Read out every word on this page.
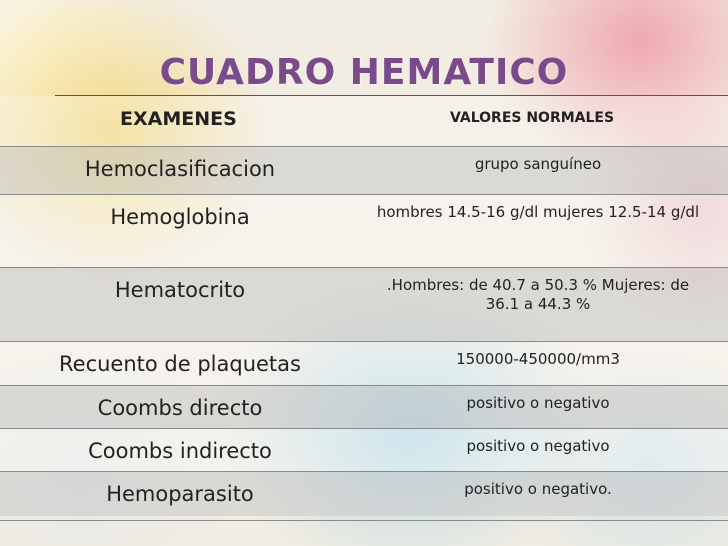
CUADRO HEMATICO
EXAMENES	VALORES NORMALES
Hemoclasificacion	grupo sanguíneo
Hemoglobina	hombres 14.5-16 g/dl mujeres 12.5-14 g/dl
Hematocrito	.Hombres: de 40.7 a 50.3 % Mujeres: de 36.1 a 44.3 %
Recuento de plaquetas	150000-450000/mm3
Coombs directo	positivo o negativo
Coombs indirecto	positivo o negativo
Hemoparasito	positivo o negativo.
